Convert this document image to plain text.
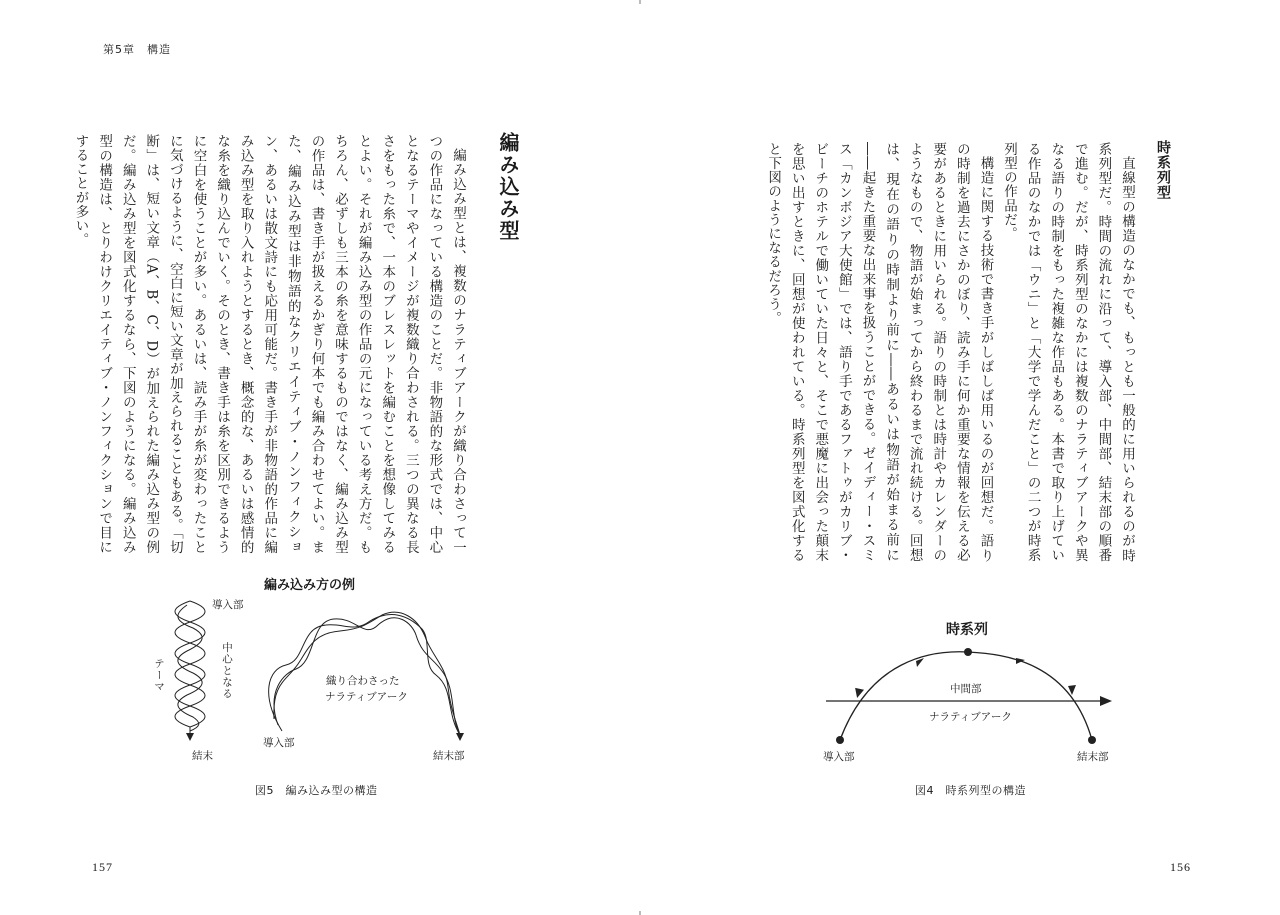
第5章　構造
編み込み型

編み込み型とは、複数のナラティブアークが織り合わさって一つの作品になっている構造のことだ。非物語的な形式では、中心となるテーマやイメージが複数織り合わされる。三つの異なる長さをもった糸で、一本のブレスレットを編むことを想像してみるとよい。それが編み込み型の作品の元になっている考え方だ。もちろん、必ずしも三本の糸を意味するものではなく、編み込み型の作品は、書き手が扱えるかぎり何本でも編み合わせてよい。また、編み込み型は非物語的なクリエイティブ・ノンフィクション、あるいは散文詩にも応用可能だ。書き手が非物語的作品に編み込み型を取り入れようとするとき、概念的な、あるいは感情的な糸を織り込んでいく。そのとき、書き手は糸を区別できるように空白を使うことが多い。あるいは、読み手が糸が変わったことに気づけるように、空白に短い文章が加えられることもある。「切断」は、短い文章（A、B、C、D）が加えられた編み込み型の例だ。編み込み型を図式化するなら、下図のようになる。編み込み型の構造は、とりわけクリエイティブ・ノンフィクションで目にすることが多い。

編み込み方の例
導入部
テーマ	中心となる
結末
織り合わさった
ナラティブアーク
導入部
結末部
図5　編み込み型の構造
157
時系列型

直線型の構造のなかでも、もっとも一般的に用いられるのが時系列型だ。時間の流れに沿って、導入部、中間部、結末部の順番で進む。だが、時系列型のなかには複数のナラティブアークや異なる語りの時制をもった複雑な作品もある。本書で取り上げている作品のなかでは「ウニ」と「大学で学んだこと」の二つが時系列型の作品だ。

構造に関する技術で書き手がしばしば用いるのが回想だ。語りの時制を過去にさかのぼり、読み手に何か重要な情報を伝える必要があるときに用いられる。語りの時制とは時計やカレンダーのようなもので、物語が始まってから終わるまで流れ続ける。回想は、現在の語りの時制より前に――あるいは物語が始まる前に――起きた重要な出来事を扱うことができる。ゼイディー・スミス「カンボジア大使館」では、語り手であるファトゥがカリブ・ビーチのホテルで働いていた日々と、そこで悪魔に出会った顛末を思い出すときに、回想が使われている。時系列型を図式化すると下図のようになるだろう。

時系列
中間部
ナラティブアーク
導入部	結末部
図4　時系列型の構造
156
